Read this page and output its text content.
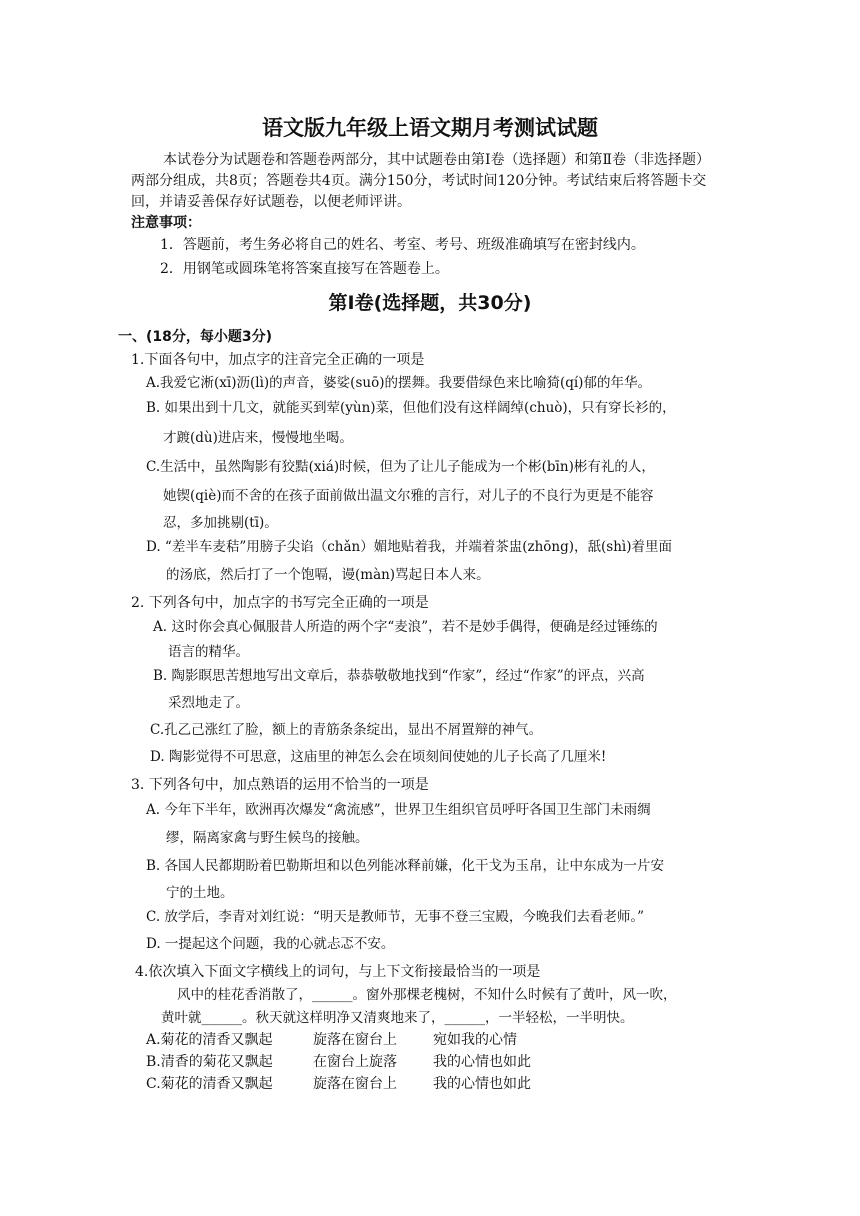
语文版九年级上语文期月考测试试题
本试卷分为试题卷和答题卷两部分，其中试题卷由第Ⅰ卷（选择题）和第Ⅱ卷（非选择题）
两部分组成，共8页；答题卷共4页。满分150分，考试时间120分钟。考试结束后将答题卡交
回，并请妥善保存好试题卷，以便老师评讲。
注意事项：
1．答题前，考生务必将自己的姓名、考室、考号、班级准确填写在密封线内。
2．用钢笔或圆珠笔将答案直接写在答题卷上。
第Ⅰ卷(选择题，共30分)
一、(18分，每小题3分)
1.下面各句中，加点字的注音完全正确的一项是
A.我爱它淅(xī)沥(lì)的声音，婆娑(suō)的摆舞。我要借绿色来比喻猗(qí)郁的年华。
B. 如果出到十几文，就能买到荤(yùn)菜，但他们没有这样阔绰(chuò)，只有穿长衫的，
才踱(dù)进店来，慢慢地坐喝。
C.生活中，虽然陶影有狡黠(xiá)时候，但为了让儿子能成为一个彬(bīn)彬有礼的人，
她锲(qiè)而不舍的在孩子面前做出温文尔雅的言行，对儿子的不良行为更是不能容
忍，多加挑剔(tī)。
D. “差半车麦秸”用膀子尖谄（chǎn）媚地贴着我，并端着茶盅(zhōng)，舐(shì)着里面
的汤底，然后打了一个饱嗝，谩(màn)骂起日本人来。
2. 下列各句中，加点字的书写完全正确的一项是
A. 这时你会真心佩服昔人所造的两个字“麦浪”，若不是妙手偶得，便确是经过锤练的
语言的精华。
B. 陶影瞑思苦想地写出文章后，恭恭敬敬地找到“作家”，经过“作家”的评点，兴高
采烈地走了。
C.孔乙己涨红了脸，额上的青筋条条绽出，显出不屑置辩的神气。
D. 陶影觉得不可思意，这庙里的神怎么会在顷刻间使她的儿子长高了几厘米!
3. 下列各句中，加点熟语的运用不恰当的一项是
A. 今年下半年，欧洲再次爆发“禽流感”，世界卫生组织官员呼吁各国卫生部门未雨绸
缪，隔离家禽与野生候鸟的接触。
B. 各国人民都期盼着巴勒斯坦和以色列能冰释前嫌，化干戈为玉帛，让中东成为一片安
宁的土地。
C. 放学后，李青对刘红说：“明天是教师节，无事不登三宝殿，今晚我们去看老师。”
D. 一提起这个问题，我的心就忐忑不安。
4.依次填入下面文字横线上的词句，与上下文衔接最恰当的一项是
风中的桂花香消散了，______。窗外那棵老槐树，不知什么时候有了黄叶，风一吹，
黄叶就______。秋天就这样明净又清爽地来了，______，一半轻松，一半明快。
A.菊花的清香又飘起	旋落在窗台上	宛如我的心情
B.清香的菊花又飘起	在窗台上旋落	我的心情也如此
C.菊花的清香又飘起	旋落在窗台上	我的心情也如此
